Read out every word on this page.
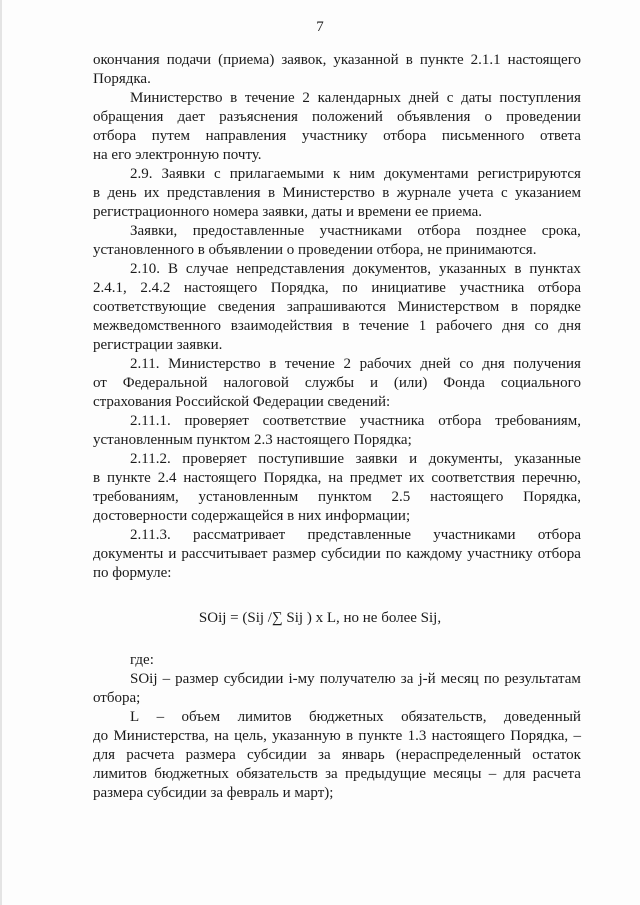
7
окончания подачи (приема) заявок, указанной в пункте 2.1.1 настоящего
Порядка.
Министерство в течение 2 календарных дней с даты поступления
обращения дает разъяснения положений объявления о проведении
отбора путем направления участнику отбора письменного ответа
на его электронную почту.
2.9. Заявки с прилагаемыми к ним документами регистрируются
в день их представления в Министерство в журнале учета с указанием
регистрационного номера заявки, даты и времени ее приема.
Заявки, предоставленные участниками отбора позднее срока,
установленного в объявлении о проведении отбора, не принимаются.
2.10. В случае непредставления документов, указанных в пунктах
2.4.1, 2.4.2 настоящего Порядка, по инициативе участника отбора
соответствующие сведения запрашиваются Министерством в порядке
межведомственного взаимодействия в течение 1 рабочего дня со дня
регистрации заявки.
2.11. Министерство в течение 2 рабочих дней со дня получения
от Федеральной налоговой службы и (или) Фонда социального
страхования Российской Федерации сведений:
2.11.1. проверяет соответствие участника отбора требованиям,
установленным пунктом 2.3 настоящего Порядка;
2.11.2. проверяет поступившие заявки и документы, указанные
в пункте 2.4 настоящего Порядка, на предмет их соответствия перечню,
требованиям, установленным пунктом 2.5 настоящего Порядка,
достоверности содержащейся в них информации;
2.11.3. рассматривает представленные участниками отбора
документы и рассчитывает размер субсидии по каждому участнику отбора
по формуле:
SOij = (Sij /∑ Sij ) x L, но не более Sij,
где:
SOij – размер субсидии i-му получателю за j-й месяц по результатам
отбора;
L – объем лимитов бюджетных обязательств, доведенный
до Министерства, на цель, указанную в пункте 1.3 настоящего Порядка, –
для расчета размера субсидии за январь (нераспределенный остаток
лимитов бюджетных обязательств за предыдущие месяцы – для расчета
размера субсидии за февраль и март);
